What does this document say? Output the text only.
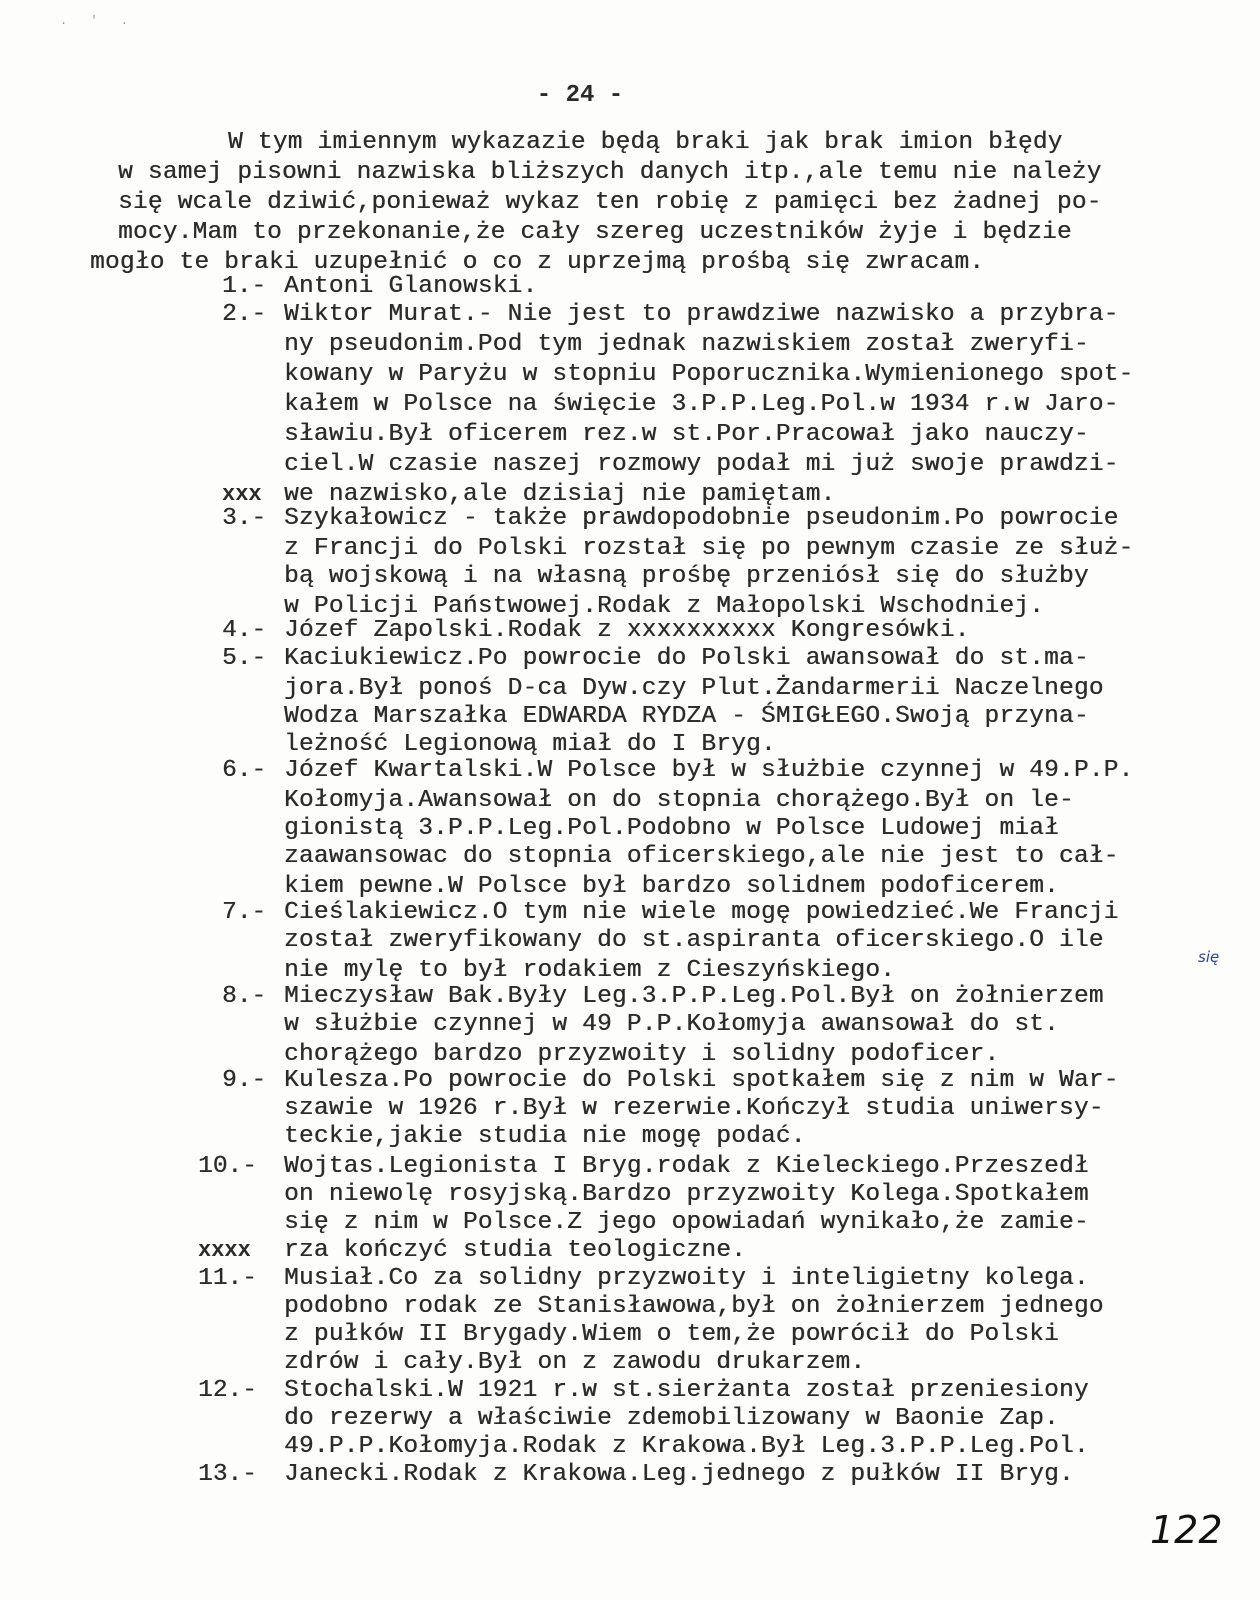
. ' .
- 24 -
W tym imiennym wykazazie będą braki jak brak imion błędy
w samej pisowni nazwiska bliższych danych itp.,ale temu nie należy
się wcale dziwić,ponieważ wykaz ten robię z pamięci bez żadnej po-
mocy.Mam to przekonanie,że cały szereg uczestników żyje i będzie
mogło te braki uzupełnić o co z uprzejmą prośbą się zwracam.
1.- Antoni Glanowski.
2.- Wiktor Murat.- Nie jest to prawdziwe nazwisko a przybra-
ny pseudonim.Pod tym jednak nazwiskiem został zweryfi-
kowany w Paryżu w stopniu Poporucznika.Wymienionego spot-
kałem w Polsce na święcie 3.P.P.Leg.Pol.w 1934 r.w Jaro-
sławiu.Był oficerem rez.w st.Por.Pracował jako nauczy-
ciel.W czasie naszej rozmowy podał mi już swoje prawdzi-
xxx we nazwisko,ale dzisiaj nie pamiętam.
3.- Szykałowicz - także prawdopodobnie pseudonim.Po powrocie
z Francji do Polski rozstał się po pewnym czasie ze służ-
bą wojskową i na własną prośbę przeniósł się do służby
w Policji Państwowej.Rodak z Małopolski Wschodniej.
4.- Józef Zapolski.Rodak z xxxxxxxxxx Kongresówki.
5.- Kaciukiewicz.Po powrocie do Polski awansował do st.ma-
jora.Był ponoś D-ca Dyw.czy Plut.Żandarmerii Naczelnego
Wodza Marszałka EDWARDA RYDZA - ŚMIGŁEGO.Swoją przyna-
leżność Legionową miał do I Bryg.
6.- Józef Kwartalski.W Polsce był w służbie czynnej w 49.P.P.
Kołomyja.Awansował on do stopnia chorążego.Był on le-
gionistą 3.P.P.Leg.Pol.Podobno w Polsce Ludowej miał
zaawansowac do stopnia oficerskiego,ale nie jest to cał-
kiem pewne.W Polsce był bardzo solidnem podoficerem.
7.- Cieślakiewicz.O tym nie wiele mogę powiedzieć.We Francji
został zweryfikowany do st.aspiranta oficerskiego.O ile
nie mylę to był rodakiem z Cieszyńskiego.	się
8.- Mieczysław Bak.Były Leg.3.P.P.Leg.Pol.Był on żołnierzem
w służbie czynnej w 49 P.P.Kołomyja awansował do st.
chorążego bardzo przyzwoity i solidny podoficer.
9.- Kulesza.Po powrocie do Polski spotkałem się z nim w War-
szawie w 1926 r.Był w rezerwie.Kończył studia uniwersy-
teckie,jakie studia nie mogę podać.
10.- Wojtas.Legionista I Bryg.rodak z Kieleckiego.Przeszedł
on niewolę rosyjską.Bardzo przyzwoity Kolega.Spotkałem
się z nim w Polsce.Z jego opowiadań wynikało,że zamie-
xxxx rza kończyć studia teologiczne.
11.- Musiał.Co za solidny przyzwoity i inteligietny kolega.
podobno rodak ze Stanisławowa,był on żołnierzem jednego
z pułków II Brygady.Wiem o tem,że powrócił do Polski
zdrów i cały.Był on z zawodu drukarzem.
12.- Stochalski.W 1921 r.w st.sierżanta został przeniesiony
do rezerwy a właściwie zdemobilizowany w Baonie Zap.
49.P.P.Kołomyja.Rodak z Krakowa.Był Leg.3.P.P.Leg.Pol.
13.- Janecki.Rodak z Krakowa.Leg.jednego z pułków II Bryg.
122
